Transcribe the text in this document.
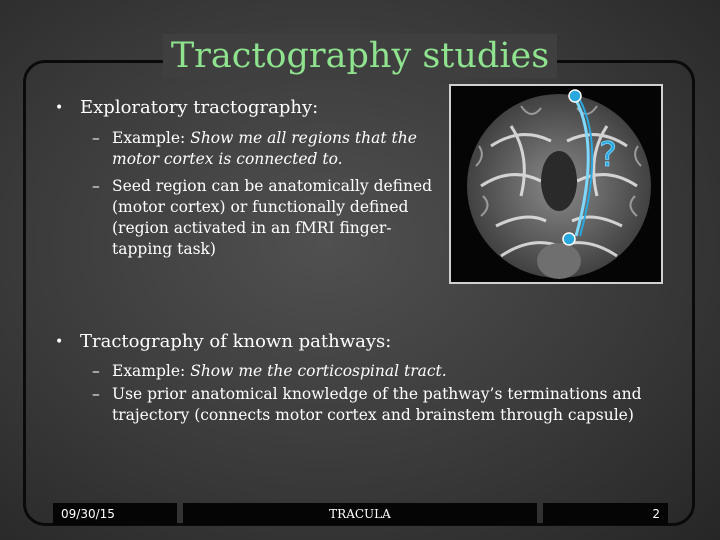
Tractography studies
• Exploratory tractography:
– Example: Show me all regions that the motor cortex is connected to.
– Seed region can be anatomically defined (motor cortex) or functionally defined (region activated in an fMRI finger-tapping task)
?
• Tractography of known pathways:
– Example: Show me the corticospinal tract.
– Use prior anatomical knowledge of the pathway’s terminations and trajectory (connects motor cortex and brainstem through capsule)
09/30/15	TRACULA	2
